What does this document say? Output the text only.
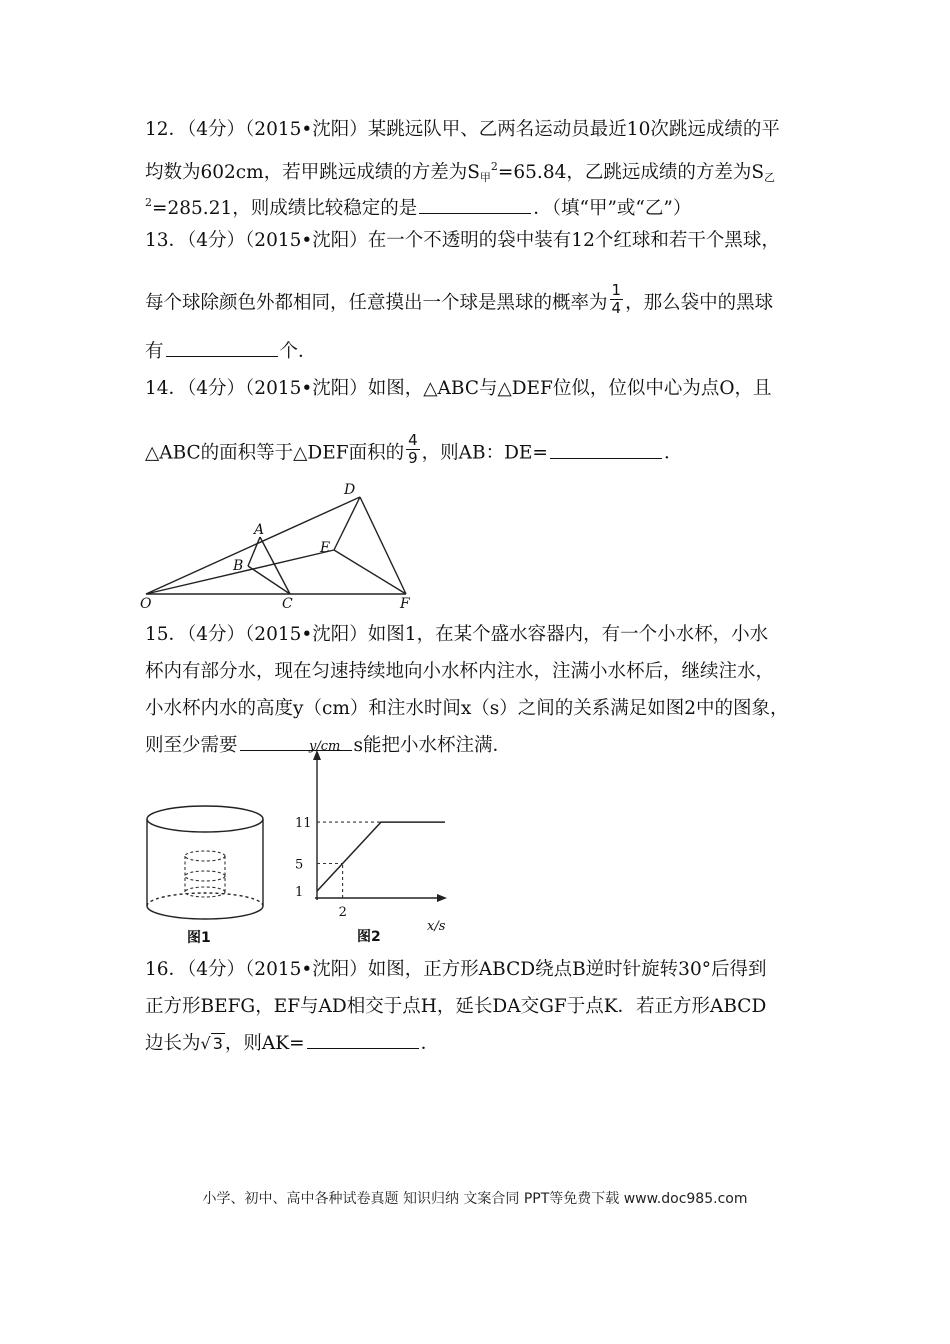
12．（4分）（2015•沈阳）某跳远队甲、乙两名运动员最近10次跳远成绩的平
均数为602cm，若甲跳远成绩的方差为$S_甲^2=65.84$，乙跳远成绩的方差为$S_乙$
$^2$=285.21，则成绩比较稳定的是	．（填“甲”或“乙”）
13．（4分）（2015•沈阳）在一个不透明的袋中装有12个红球和若干个黑球，
每个球除颜色外都相同，任意摸出一个球是黑球的概率为 $\frac{1}{4}$ ，那么袋中的黑球
有	个．
14．（4分）（2015•沈阳）如图，△ABC与△DEF位似，位似中心为点O，且
△ABC的面积等于△DEF面积的 $\frac{4}{9}$ ，则AB：DE=	．
O
A
B
C
D
E
F
15．（4分）（2015•沈阳）如图1，在某个盛水容器内，有一个小水杯，小水
杯内有部分水，现在匀速持续地向小水杯内注水，注满小水杯后，继续注水，
小水杯内水的高度y（cm）和注水时间x（s）之间的关系满足如图2中的图象，
则至少需要	s能把小水杯注满．
图1
y/cm
x/s
1
5
11
2
图2
16．（4分）（2015•沈阳）如图，正方形ABCD绕点B逆时针旋转30°后得到
正方形BEFG，EF与AD相交于点H，延长DA交GF于点K．若正方形ABCD
边长为√ 3 ，则AK=	．
小学、初中、高中各种试卷真题 知识归纳 文案合同 PPT等免费下载 www.doc985.com
